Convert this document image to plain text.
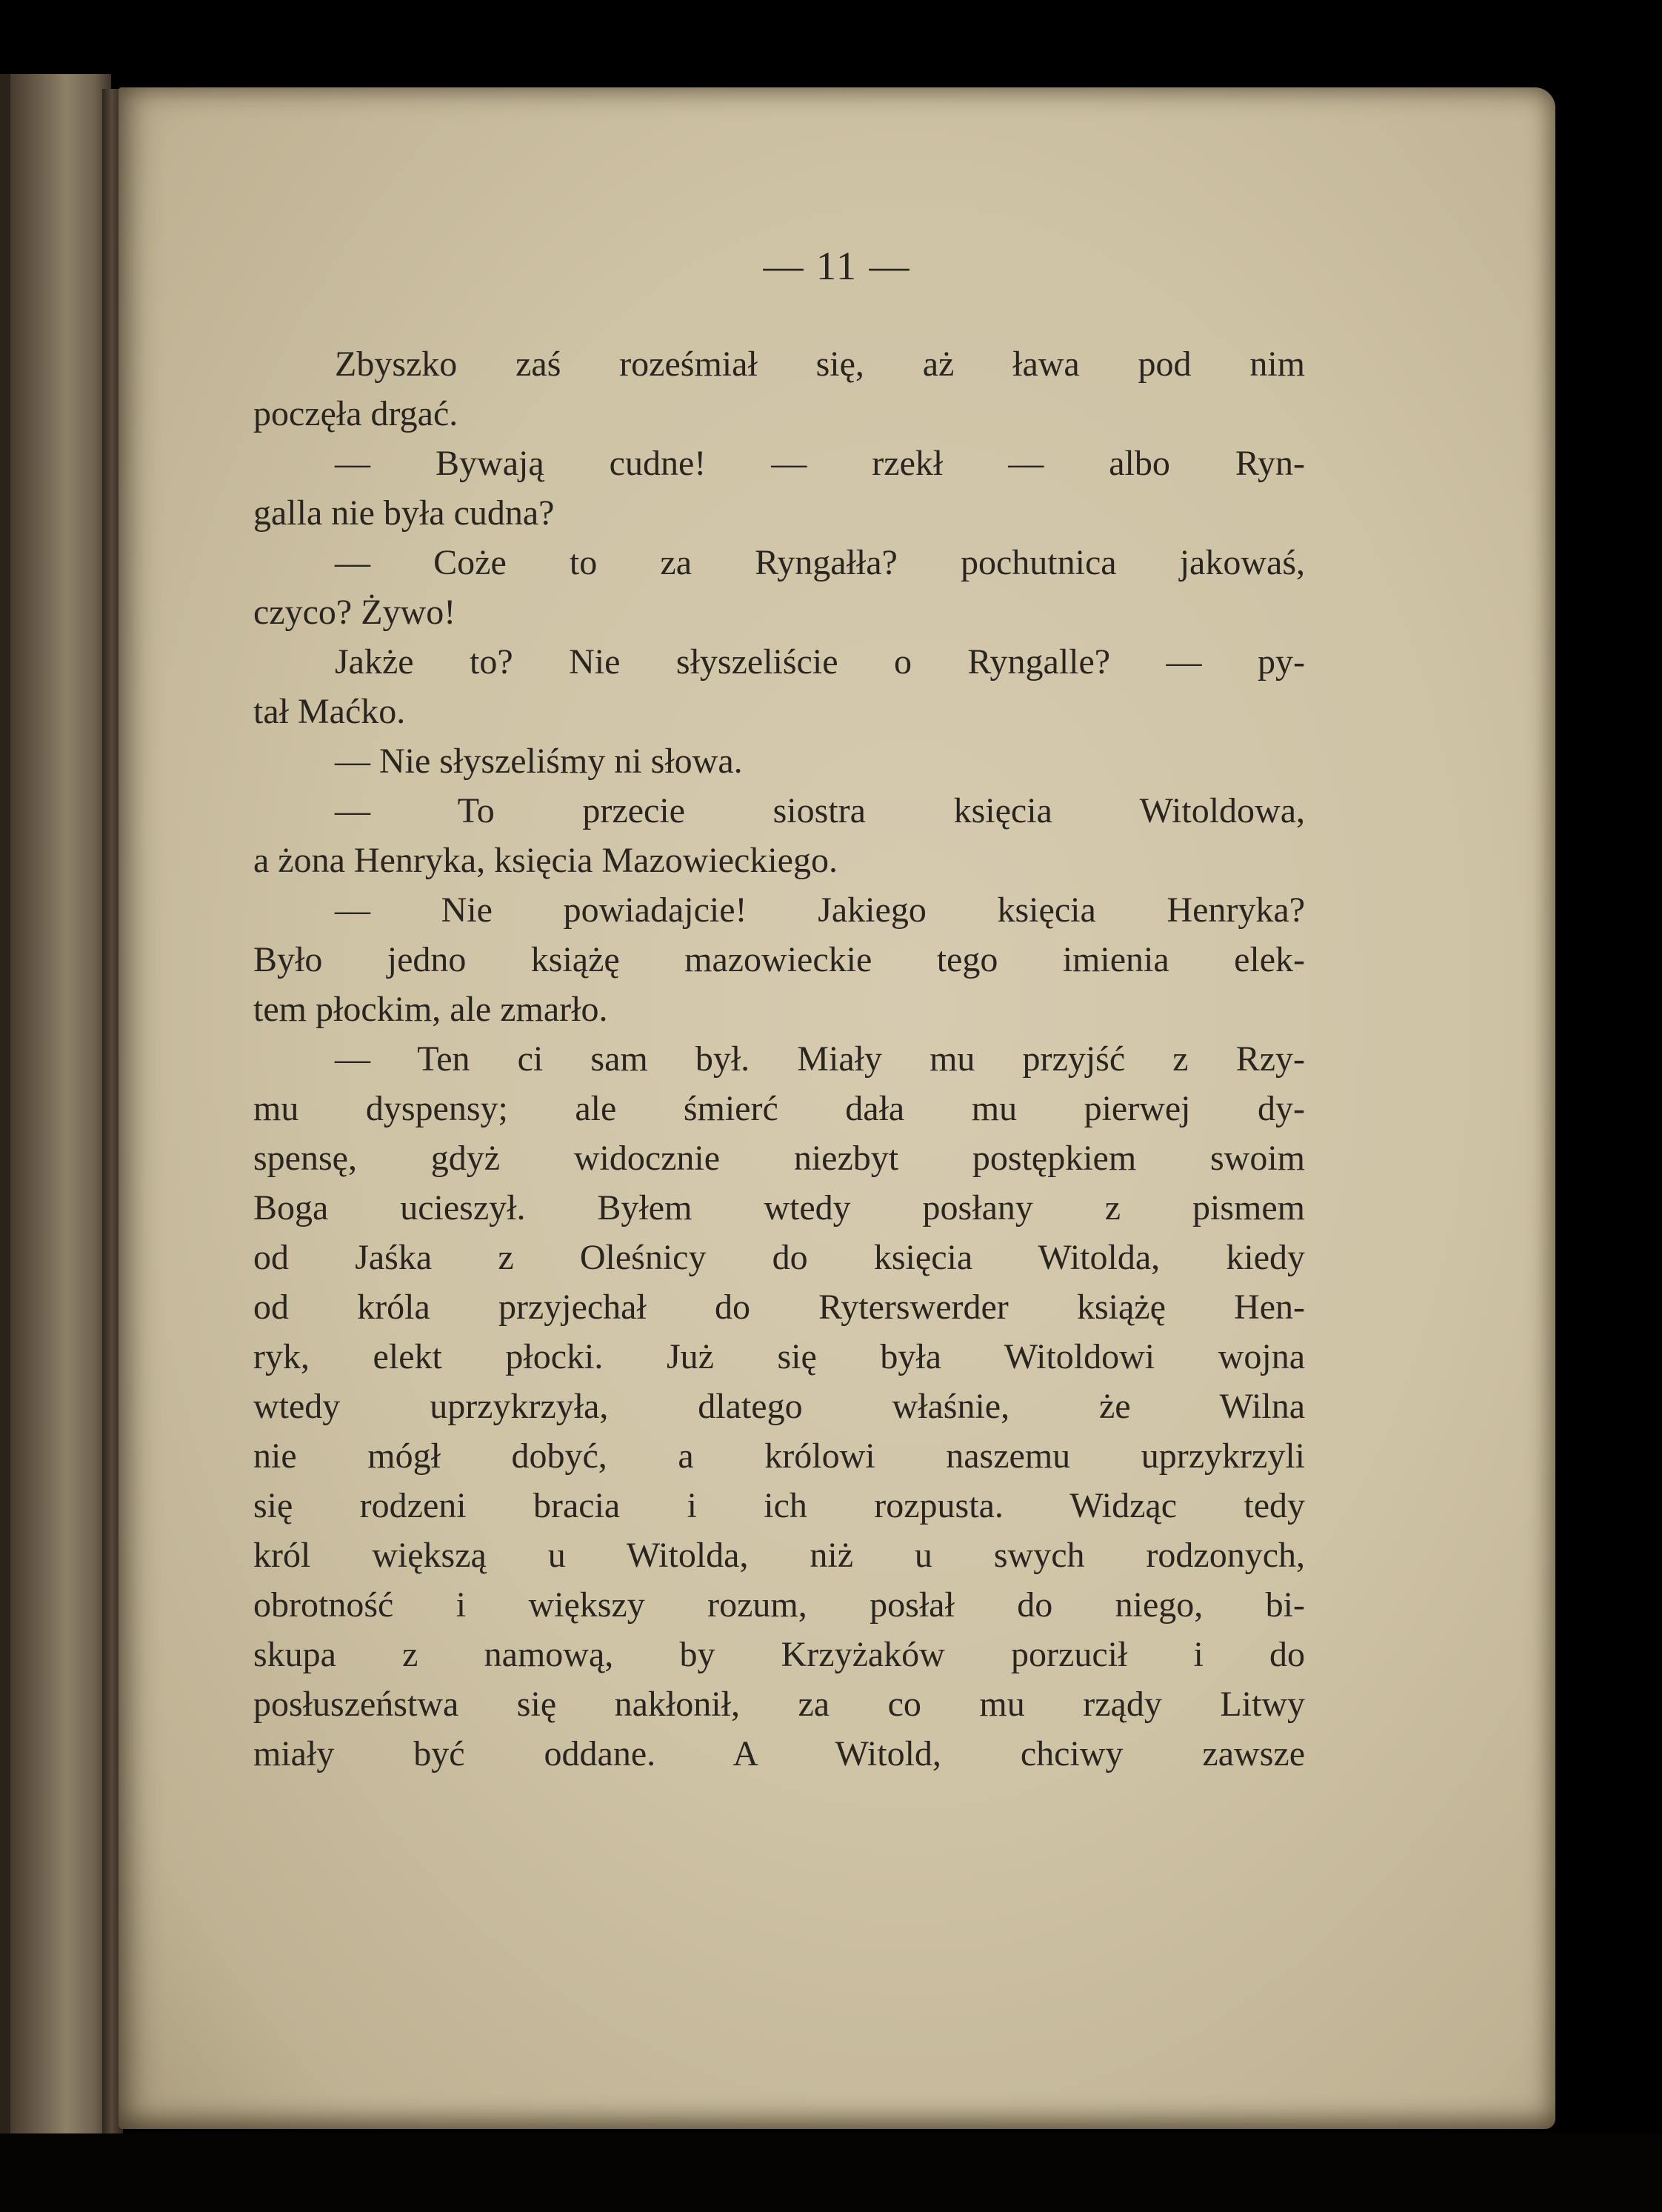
— 11 —
Zbyszko zaś roześmiał się, aż ława pod nim
poczęła drgać.
— Bywają cudne! — rzekł — albo Ryn-
galla nie była cudna?
— Coże to za Ryngałła? pochutnica jakowaś,
czyco? Żywo!
Jakże to? Nie słyszeliście o Ryngalle? — py-
tał Maćko.
— Nie słyszeliśmy ni słowa.
— To przecie siostra księcia Witoldowa,
a żona Henryka, księcia Mazowieckiego.
— Nie powiadajcie! Jakiego księcia Henryka?
Było jedno książę mazowieckie tego imienia elek-
tem płockim, ale zmarło.
— Ten ci sam był. Miały mu przyjść z Rzy-
mu dyspensy; ale śmierć dała mu pierwej dy-
spensę, gdyż widocznie niezbyt postępkiem swoim
Boga ucieszył. Byłem wtedy posłany z pismem
od Jaśka z Oleśnicy do księcia Witolda, kiedy
od króla przyjechał do Ryterswerder książę Hen-
ryk, elekt płocki. Już się była Witoldowi wojna
wtedy uprzykrzyła, dlatego właśnie, że Wilna
nie mógł dobyć, a królowi naszemu uprzykrzyli
się rodzeni bracia i ich rozpusta. Widząc tedy
król większą u Witolda, niż u swych rodzonych,
obrotność i większy rozum, posłał do niego, bi-
skupa z namową, by Krzyżaków porzucił i do
posłuszeństwa się nakłonił, za co mu rządy Litwy
miały być oddane. A Witold, chciwy zawsze
